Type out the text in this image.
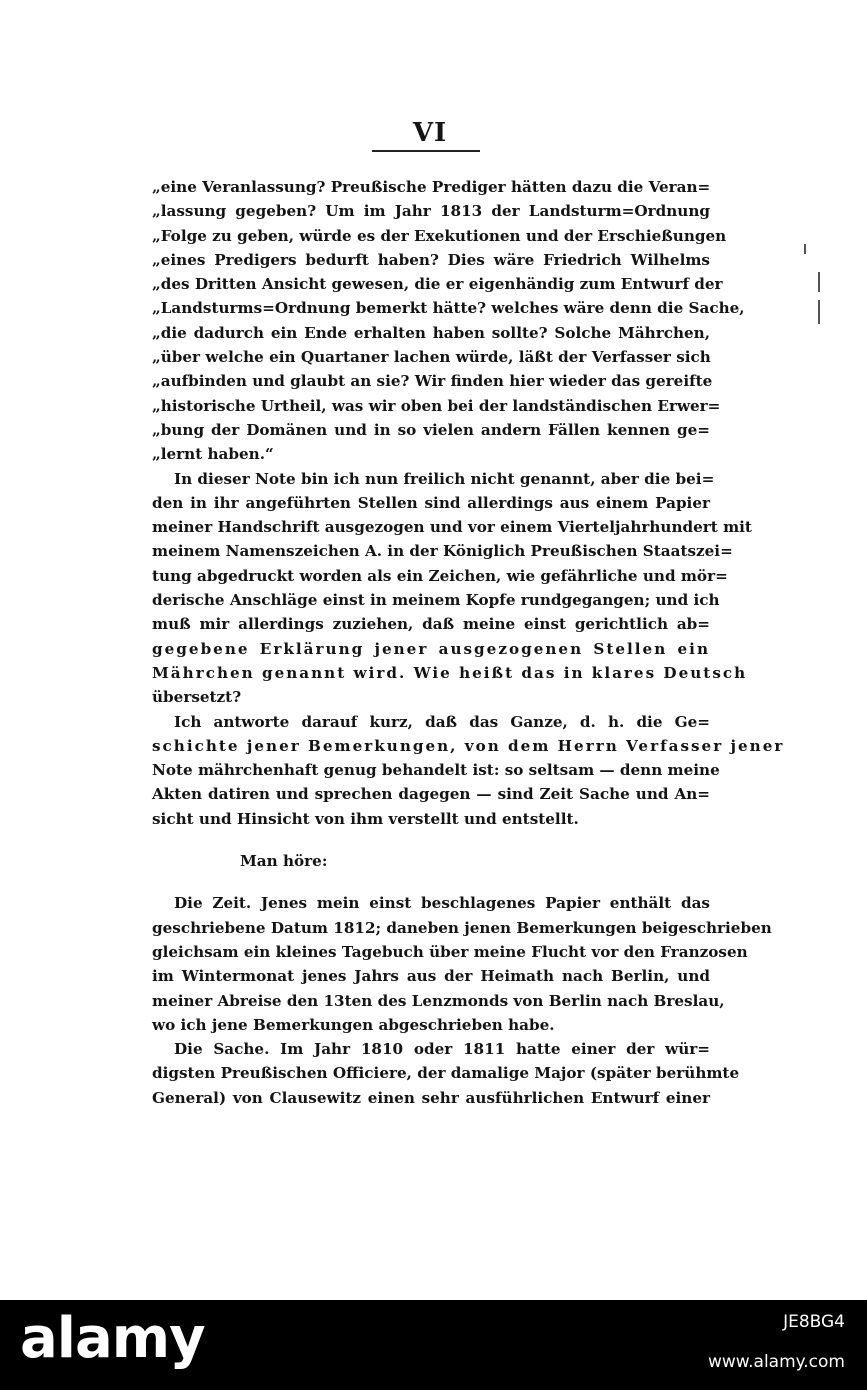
VI
„eine Veranlassung? Preußische Prediger hätten dazu die Veran=
„lassung gegeben? Um im Jahr 1813 der Landsturm=Ordnung
„Folge zu geben, würde es der Exekutionen und der Erschießungen
„eines Predigers bedurft haben? Dies wäre Friedrich Wilhelms
„des Dritten Ansicht gewesen, die er eigenhändig zum Entwurf der
„Landsturms=Ordnung bemerkt hätte? welches wäre denn die Sache,
„die dadurch ein Ende erhalten haben sollte? Solche Mährchen,
„über welche ein Quartaner lachen würde, läßt der Verfasser sich
„aufbinden und glaubt an sie? Wir finden hier wieder das gereifte
„historische Urtheil, was wir oben bei der landständischen Erwer=
„bung der Domänen und in so vielen andern Fällen kennen ge=
„lernt haben.“
In dieser Note bin ich nun freilich nicht genannt, aber die bei=
den in ihr angeführten Stellen sind allerdings aus einem Papier
meiner Handschrift ausgezogen und vor einem Vierteljahrhundert mit
meinem Namenszeichen A. in der Königlich Preußischen Staatszei=
tung abgedruckt worden als ein Zeichen, wie gefährliche und mör=
derische Anschläge einst in meinem Kopfe rundgegangen; und ich
muß mir allerdings zuziehen, daß meine einst gerichtlich ab=
gegebene Erklärung jener ausgezogenen Stellen ein
Mährchen genannt wird. Wie heißt das in klares Deutsch
übersetzt?
Ich antworte darauf kurz, daß das Ganze, d. h. die Ge=
schichte jener Bemerkungen, von dem Herrn Verfasser jener
Note mährchenhaft genug behandelt ist: so seltsam — denn meine
Akten datiren und sprechen dagegen — sind Zeit Sache und An=
sicht und Hinsicht von ihm verstellt und entstellt.
Man höre:
Die Zeit. Jenes mein einst beschlagenes Papier enthält das
geschriebene Datum 1812; daneben jenen Bemerkungen beigeschrieben
gleichsam ein kleines Tagebuch über meine Flucht vor den Franzosen
im Wintermonat jenes Jahrs aus der Heimath nach Berlin, und
meiner Abreise den 13ten des Lenzmonds von Berlin nach Breslau,
wo ich jene Bemerkungen abgeschrieben habe.
Die Sache. Im Jahr 1810 oder 1811 hatte einer der wür=
digsten Preußischen Officiere, der damalige Major (später berühmte
General) von Clausewitz einen sehr ausführlichen Entwurf einer
alamy	JE8BG4
www.alamy.com
